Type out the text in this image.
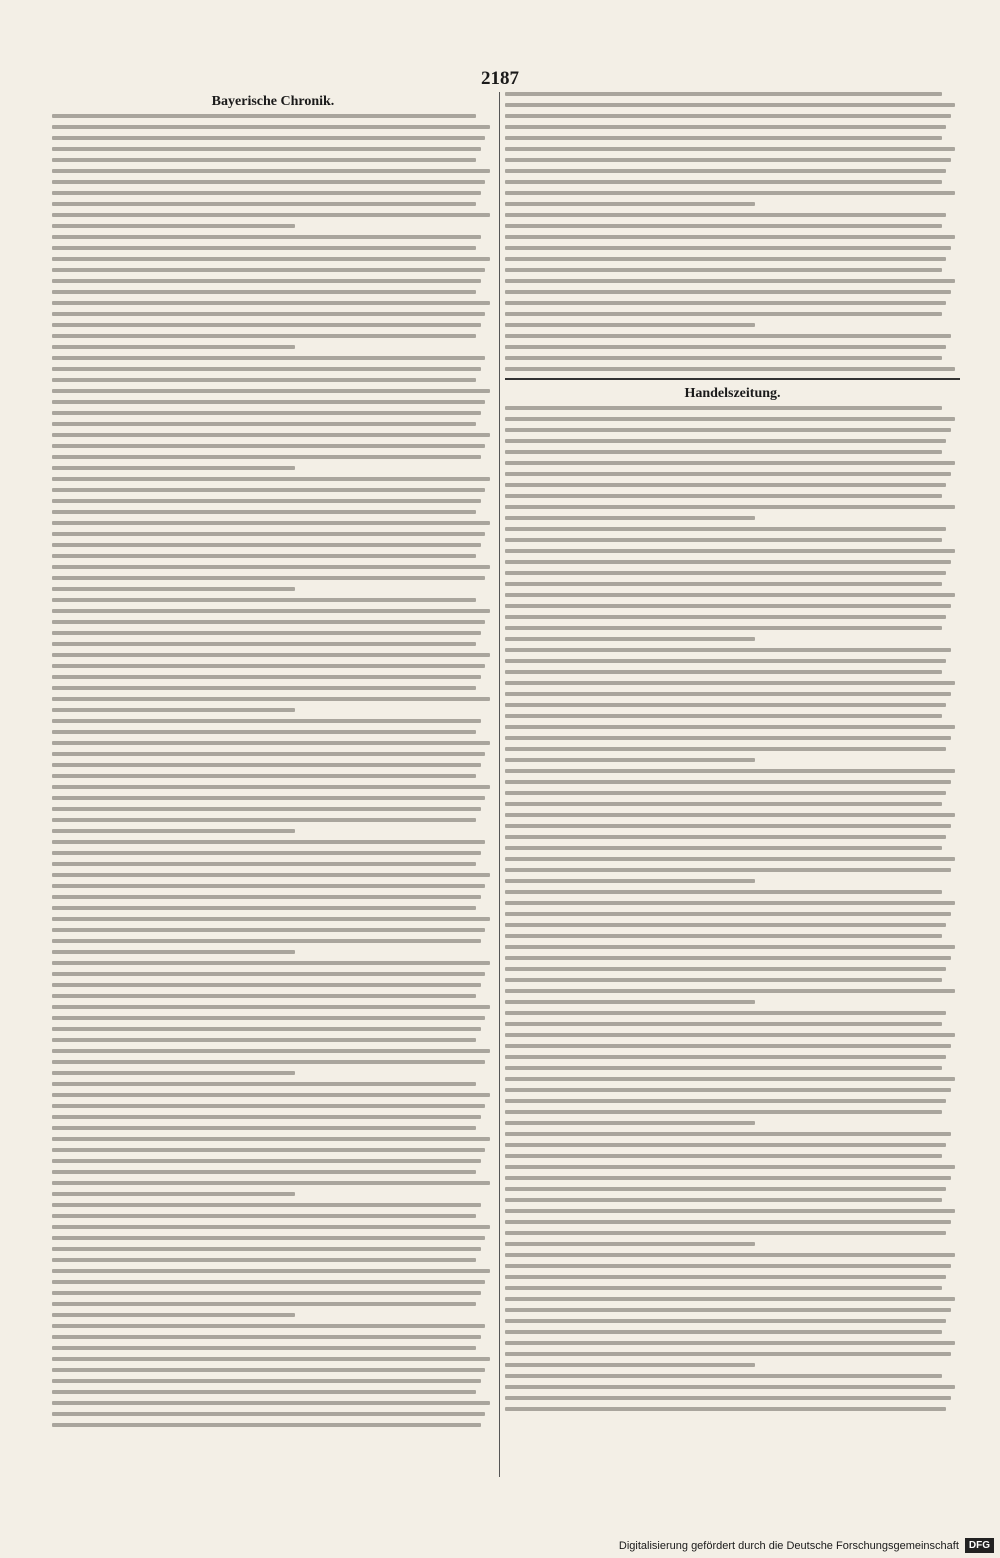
2187
Bayerische Chronik.
Handelszeitung.
Digitalisierung gefördert durch die Deutsche Forschungsgemeinschaft	DFG
